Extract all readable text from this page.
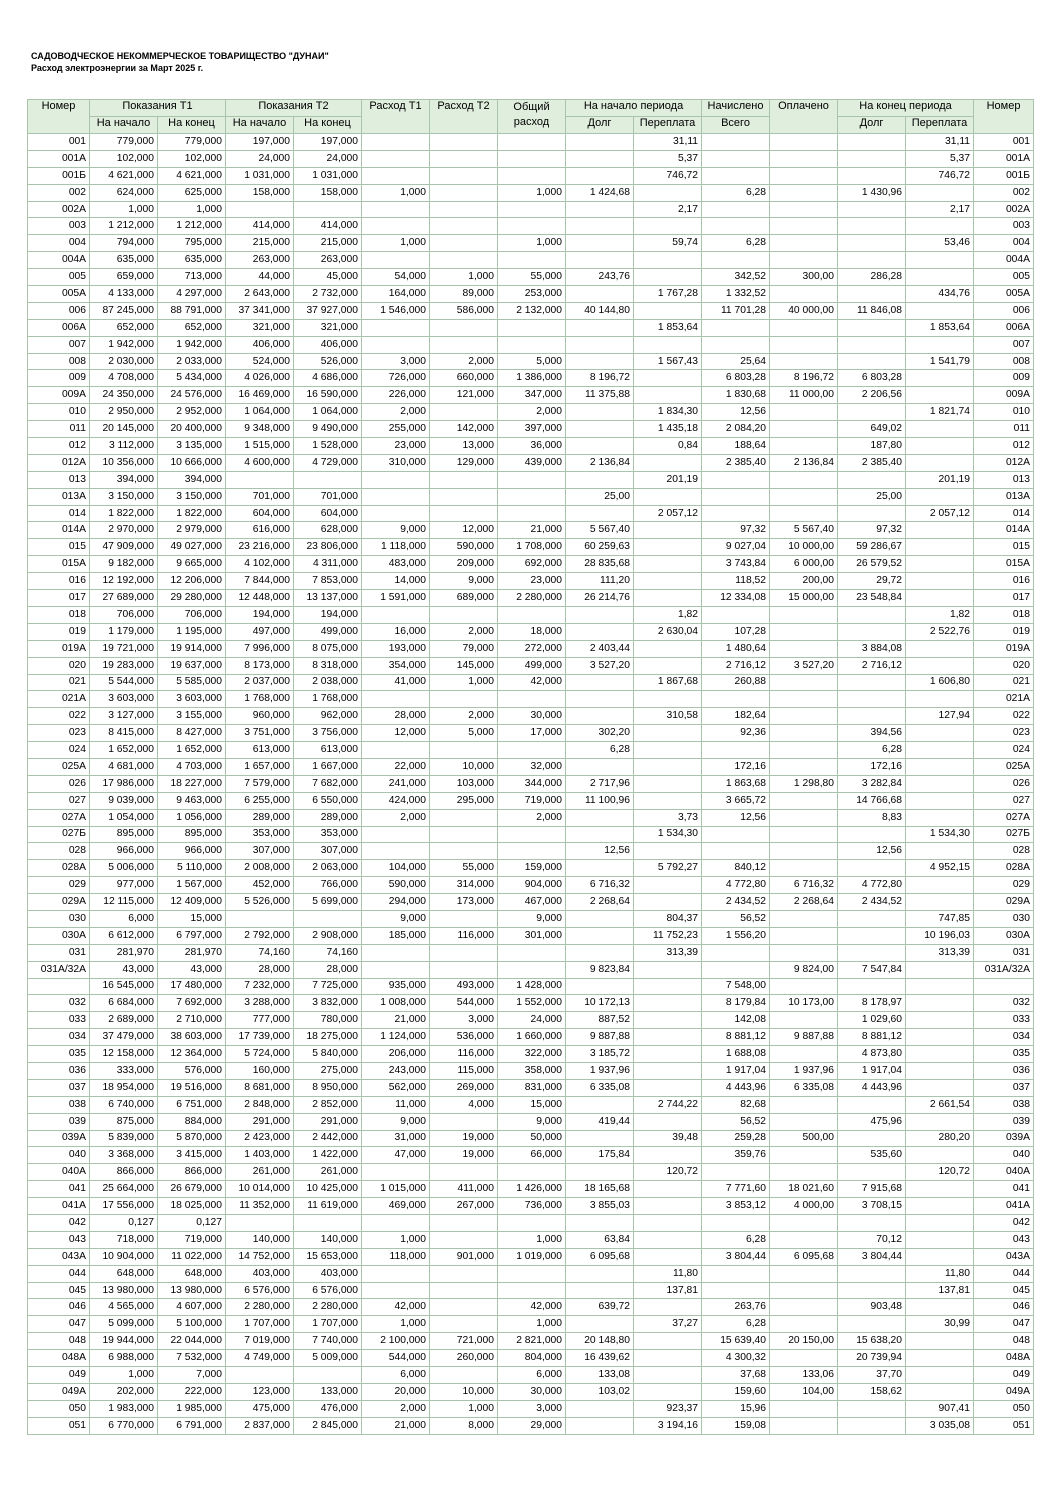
САДОВОДЧЕСКОЕ НЕКОММЕРЧЕСКОЕ ТОВАРИЩЕСТВО "ДУНАИ"
Расход электроэнергии за Март 2025 г.
Номер	Показания Т1		Показания Т2		Расход Т1	Расход Т2	Общий расход	На начало периода		Начислено	Оплачено	На конец периода		Номер
	На начало	На конец	На начало	На конец				Долг	Переплата	Всего		Долг	Переплата	
001	779,000	779,000	197,000	197,000					31,11				31,11	001
001А	102,000	102,000	24,000	24,000					5,37				5,37	001А
001Б	4 621,000	4 621,000	1 031,000	1 031,000					746,72				746,72	001Б
002	624,000	625,000	158,000	158,000	1,000		1,000	1 424,68		6,28		1 430,96		002
002А	1,000	1,000							2,17				2,17	002А
003	1 212,000	1 212,000	414,000	414,000										003
004	794,000	795,000	215,000	215,000	1,000		1,000		59,74	6,28			53,46	004
004А	635,000	635,000	263,000	263,000										004А
005	659,000	713,000	44,000	45,000	54,000	1,000	55,000	243,76		342,52	300,00	286,28		005
005А	4 133,000	4 297,000	2 643,000	2 732,000	164,000	89,000	253,000		1 767,28	1 332,52			434,76	005А
006	87 245,000	88 791,000	37 341,000	37 927,000	1 546,000	586,000	2 132,000	40 144,80		11 701,28	40 000,00	11 846,08		006
006А	652,000	652,000	321,000	321,000					1 853,64				1 853,64	006А
007	1 942,000	1 942,000	406,000	406,000										007
008	2 030,000	2 033,000	524,000	526,000	3,000	2,000	5,000		1 567,43	25,64			1 541,79	008
009	4 708,000	5 434,000	4 026,000	4 686,000	726,000	660,000	1 386,000	8 196,72		6 803,28	8 196,72	6 803,28		009
009А	24 350,000	24 576,000	16 469,000	16 590,000	226,000	121,000	347,000	11 375,88		1 830,68	11 000,00	2 206,56		009А
010	2 950,000	2 952,000	1 064,000	1 064,000	2,000		2,000		1 834,30	12,56			1 821,74	010
011	20 145,000	20 400,000	9 348,000	9 490,000	255,000	142,000	397,000		1 435,18	2 084,20		649,02		011
012	3 112,000	3 135,000	1 515,000	1 528,000	23,000	13,000	36,000		0,84	188,64		187,80		012
012А	10 356,000	10 666,000	4 600,000	4 729,000	310,000	129,000	439,000	2 136,84		2 385,40	2 136,84	2 385,40		012А
013	394,000	394,000							201,19				201,19	013
013А	3 150,000	3 150,000	701,000	701,000				25,00				25,00		013А
014	1 822,000	1 822,000	604,000	604,000					2 057,12				2 057,12	014
014А	2 970,000	2 979,000	616,000	628,000	9,000	12,000	21,000	5 567,40		97,32	5 567,40	97,32		014А
015	47 909,000	49 027,000	23 216,000	23 806,000	1 118,000	590,000	1 708,000	60 259,63		9 027,04	10 000,00	59 286,67		015
015А	9 182,000	9 665,000	4 102,000	4 311,000	483,000	209,000	692,000	28 835,68		3 743,84	6 000,00	26 579,52		015А
016	12 192,000	12 206,000	7 844,000	7 853,000	14,000	9,000	23,000	111,20		118,52	200,00	29,72		016
017	27 689,000	29 280,000	12 448,000	13 137,000	1 591,000	689,000	2 280,000	26 214,76		12 334,08	15 000,00	23 548,84		017
018	706,000	706,000	194,000	194,000					1,82				1,82	018
019	1 179,000	1 195,000	497,000	499,000	16,000	2,000	18,000		2 630,04	107,28			2 522,76	019
019А	19 721,000	19 914,000	7 996,000	8 075,000	193,000	79,000	272,000	2 403,44		1 480,64		3 884,08		019А
020	19 283,000	19 637,000	8 173,000	8 318,000	354,000	145,000	499,000	3 527,20		2 716,12	3 527,20	2 716,12		020
021	5 544,000	5 585,000	2 037,000	2 038,000	41,000	1,000	42,000		1 867,68	260,88			1 606,80	021
021А	3 603,000	3 603,000	1 768,000	1 768,000										021А
022	3 127,000	3 155,000	960,000	962,000	28,000	2,000	30,000		310,58	182,64			127,94	022
023	8 415,000	8 427,000	3 751,000	3 756,000	12,000	5,000	17,000	302,20		92,36		394,56		023
024	1 652,000	1 652,000	613,000	613,000				6,28				6,28		024
025А	4 681,000	4 703,000	1 657,000	1 667,000	22,000	10,000	32,000			172,16		172,16		025А
026	17 986,000	18 227,000	7 579,000	7 682,000	241,000	103,000	344,000	2 717,96		1 863,68	1 298,80	3 282,84		026
027	9 039,000	9 463,000	6 255,000	6 550,000	424,000	295,000	719,000	11 100,96		3 665,72		14 766,68		027
027А	1 054,000	1 056,000	289,000	289,000	2,000		2,000		3,73	12,56		8,83		027А
027Б	895,000	895,000	353,000	353,000					1 534,30				1 534,30	027Б
028	966,000	966,000	307,000	307,000				12,56				12,56		028
028А	5 006,000	5 110,000	2 008,000	2 063,000	104,000	55,000	159,000		5 792,27	840,12			4 952,15	028А
029	977,000	1 567,000	452,000	766,000	590,000	314,000	904,000	6 716,32		4 772,80	6 716,32	4 772,80		029
029А	12 115,000	12 409,000	5 526,000	5 699,000	294,000	173,000	467,000	2 268,64		2 434,52	2 268,64	2 434,52		029А
030	6,000	15,000			9,000		9,000		804,37	56,52			747,85	030
030А	6 612,000	6 797,000	2 792,000	2 908,000	185,000	116,000	301,000		11 752,23	1 556,20			10 196,03	030А
031	281,970	281,970	74,160	74,160					313,39				313,39	031
031А/32А	43,000	43,000	28,000	28,000				9 823,84			9 824,00	7 547,84		031А/32А
	16 545,000	17 480,000	7 232,000	7 725,000	935,000	493,000	1 428,000			7 548,00				
032	6 684,000	7 692,000	3 288,000	3 832,000	1 008,000	544,000	1 552,000	10 172,13		8 179,84	10 173,00	8 178,97		032
033	2 689,000	2 710,000	777,000	780,000	21,000	3,000	24,000	887,52		142,08		1 029,60		033
034	37 479,000	38 603,000	17 739,000	18 275,000	1 124,000	536,000	1 660,000	9 887,88		8 881,12	9 887,88	8 881,12		034
035	12 158,000	12 364,000	5 724,000	5 840,000	206,000	116,000	322,000	3 185,72		1 688,08		4 873,80		035
036	333,000	576,000	160,000	275,000	243,000	115,000	358,000	1 937,96		1 917,04	1 937,96	1 917,04		036
037	18 954,000	19 516,000	8 681,000	8 950,000	562,000	269,000	831,000	6 335,08		4 443,96	6 335,08	4 443,96		037
038	6 740,000	6 751,000	2 848,000	2 852,000	11,000	4,000	15,000		2 744,22	82,68			2 661,54	038
039	875,000	884,000	291,000	291,000	9,000		9,000	419,44		56,52		475,96		039
039А	5 839,000	5 870,000	2 423,000	2 442,000	31,000	19,000	50,000		39,48	259,28	500,00		280,20	039А
040	3 368,000	3 415,000	1 403,000	1 422,000	47,000	19,000	66,000	175,84		359,76		535,60		040
040А	866,000	866,000	261,000	261,000					120,72				120,72	040А
041	25 664,000	26 679,000	10 014,000	10 425,000	1 015,000	411,000	1 426,000	18 165,68		7 771,60	18 021,60	7 915,68		041
041А	17 556,000	18 025,000	11 352,000	11 619,000	469,000	267,000	736,000	3 855,03		3 853,12	4 000,00	3 708,15		041А
042	0,127	0,127												042
043	718,000	719,000	140,000	140,000	1,000		1,000	63,84		6,28		70,12		043
043А	10 904,000	11 022,000	14 752,000	15 653,000	118,000	901,000	1 019,000	6 095,68		3 804,44	6 095,68	3 804,44		043А
044	648,000	648,000	403,000	403,000					11,80				11,80	044
045	13 980,000	13 980,000	6 576,000	6 576,000					137,81				137,81	045
046	4 565,000	4 607,000	2 280,000	2 280,000	42,000		42,000	639,72		263,76		903,48		046
047	5 099,000	5 100,000	1 707,000	1 707,000	1,000		1,000		37,27	6,28			30,99	047
048	19 944,000	22 044,000	7 019,000	7 740,000	2 100,000	721,000	2 821,000	20 148,80		15 639,40	20 150,00	15 638,20		048
048А	6 988,000	7 532,000	4 749,000	5 009,000	544,000	260,000	804,000	16 439,62		4 300,32		20 739,94		048А
049	1,000	7,000			6,000		6,000	133,08		37,68	133,06	37,70		049
049А	202,000	222,000	123,000	133,000	20,000	10,000	30,000	103,02		159,60	104,00	158,62		049А
050	1 983,000	1 985,000	475,000	476,000	2,000	1,000	3,000		923,37	15,96			907,41	050
051	6 770,000	6 791,000	2 837,000	2 845,000	21,000	8,000	29,000		3 194,16	159,08			3 035,08	051
